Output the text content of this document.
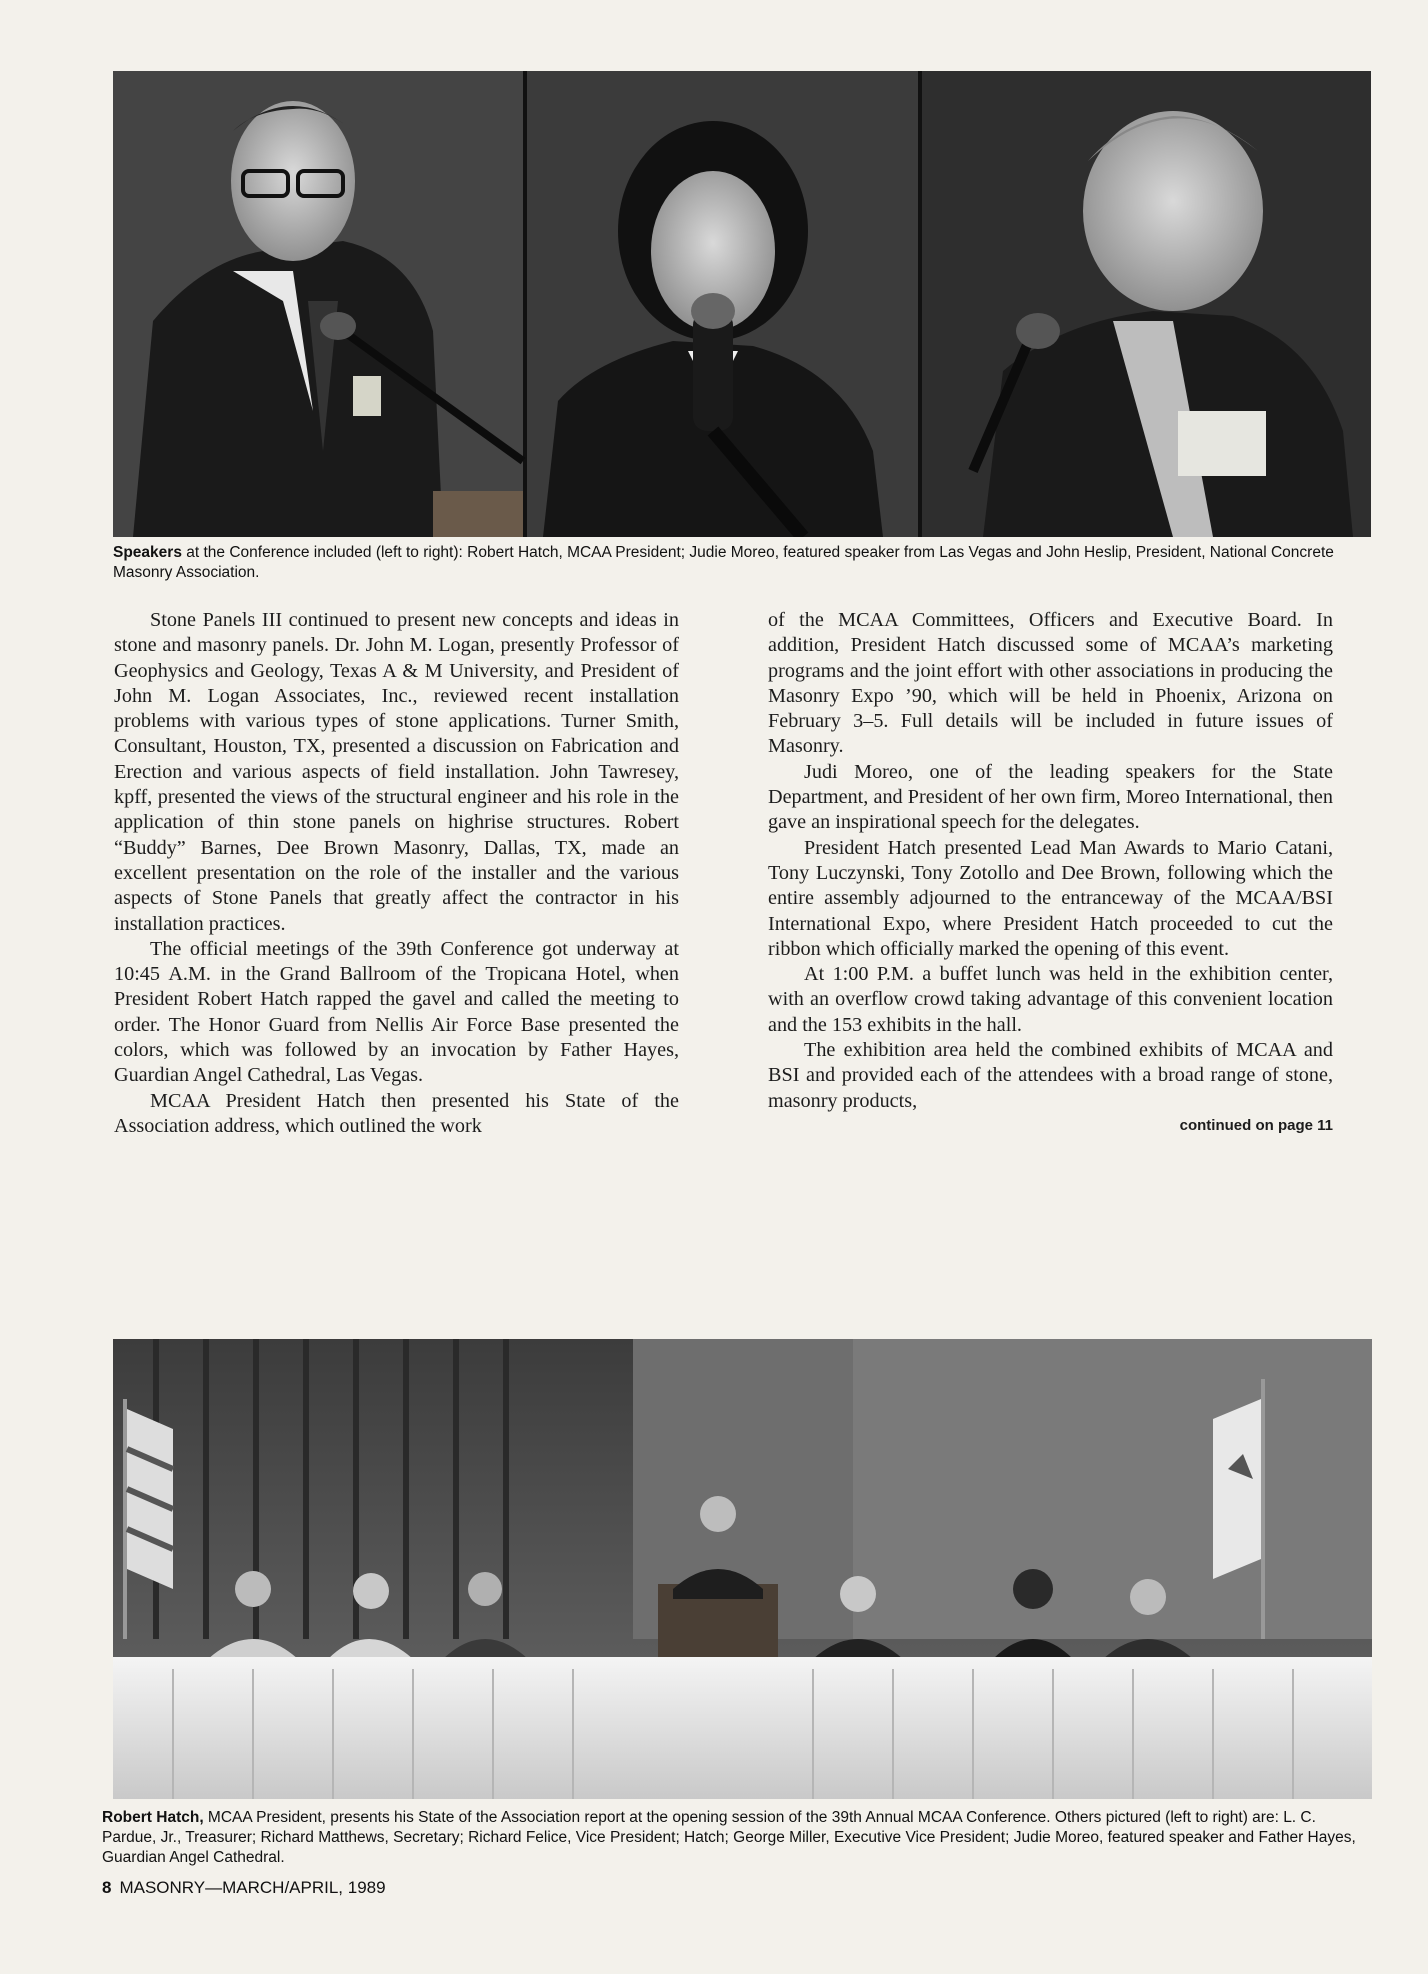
Speakers at the Conference included (left to right): Robert Hatch, MCAA President; Judie Moreo, featured speaker from Las Vegas and John Heslip, President, National Concrete Masonry Association.

Stone Panels III continued to present new concepts and ideas in stone and masonry panels. Dr. John M. Logan, presently Professor of Geophysics and Geology, Texas A & M University, and President of John M. Logan Associates, Inc., reviewed recent installation problems with various types of stone applications. Turner Smith, Consultant, Houston, TX, presented a discussion on Fabrication and Erection and various aspects of field installation. John Tawresey, kpff, presented the views of the structural engineer and his role in the application of thin stone panels on highrise structures. Robert “Buddy” Barnes, Dee Brown Masonry, Dallas, TX, made an excellent presentation on the role of the installer and the various aspects of Stone Panels that greatly affect the contractor in his installation practices.

The official meetings of the 39th Conference got underway at 10:45 A.M. in the Grand Ballroom of the Tropicana Hotel, when President Robert Hatch rapped the gavel and called the meeting to order. The Honor Guard from Nellis Air Force Base presented the colors, which was followed by an invocation by Father Hayes, Guardian Angel Cathedral, Las Vegas.

MCAA President Hatch then presented his State of the Association address, which outlined the work

of the MCAA Committees, Officers and Executive Board. In addition, President Hatch discussed some of MCAA’s marketing programs and the joint effort with other associations in producing the Masonry Expo ’90, which will be held in Phoenix, Arizona on February 3–5. Full details will be included in future issues of Masonry.

Judi Moreo, one of the leading speakers for the State Department, and President of her own firm, Moreo International, then gave an inspirational speech for the delegates.

President Hatch presented Lead Man Awards to Mario Catani, Tony Luczynski, Tony Zotollo and Dee Brown, following which the entire assembly adjourned to the entranceway of the MCAA/BSI International Expo, where President Hatch proceeded to cut the ribbon which officially marked the opening of this event.

At 1:00 P.M. a buffet lunch was held in the exhibition center, with an overflow crowd taking advantage of this convenient location and the 153 exhibits in the hall.

The exhibition area held the combined exhibits of MCAA and BSI and provided each of the attendees with a broad range of stone, masonry products,

continued on page 11
Robert Hatch, MCAA President, presents his State of the Association report at the opening session of the 39th Annual MCAA Conference. Others pictured (left to right) are: L. C. Pardue, Jr., Treasurer; Richard Matthews, Secretary; Richard Felice, Vice President; Hatch; George Miller, Executive Vice President; Judie Moreo, featured speaker and Father Hayes, Guardian Angel Cathedral.
8 MASONRY—MARCH/APRIL, 1989
